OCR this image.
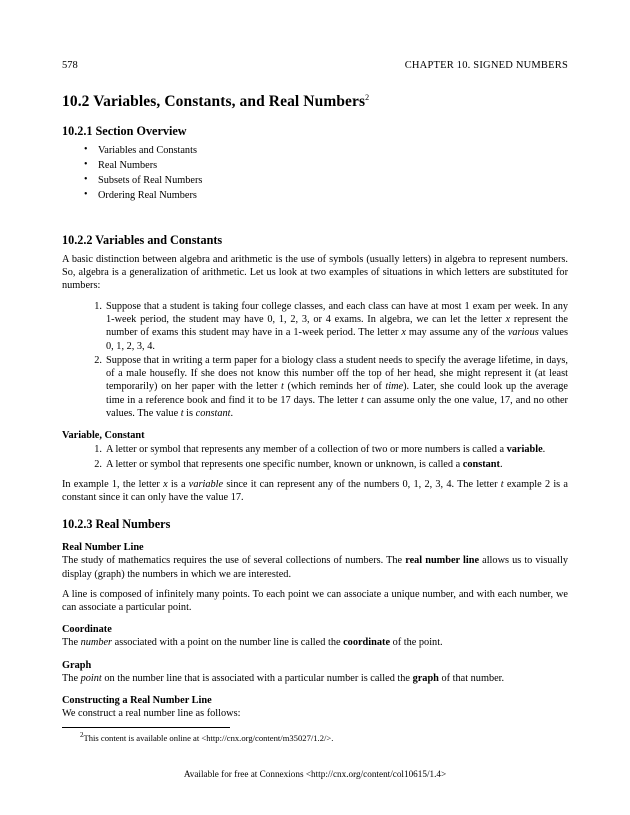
578	CHAPTER 10. SIGNED NUMBERS
10.2 Variables, Constants, and Real Numbers$^2$
10.2.1 Section Overview
• Variables and Constants
• Real Numbers
• Subsets of Real Numbers
• Ordering Real Numbers
10.2.2 Variables and Constants

A basic distinction between algebra and arithmetic is the use of symbols (usually letters) in algebra to represent numbers. So, algebra is a generalization of arithmetic. Let us look at two examples of situations in which letters are substituted for numbers:

Suppose that a student is taking four college classes, and each class can have at most 1 exam per week. In any 1-week period, the student may have 0, 1, 2, 3, or 4 exams. In algebra, we can let the letter x represent the number of exams this student may have in a 1-week period. The letter x may assume any of the various values 0, 1, 2, 3, 4.
Suppose that in writing a term paper for a biology class a student needs to specify the average lifetime, in days, of a male housefly. If she does not know this number off the top of her head, she might represent it (at least temporarily) on her paper with the letter t (which reminds her of time). Later, she could look up the average time in a reference book and find it to be 17 days. The letter t can assume only the one value, 17, and no other values. The value t is constant.
Variable, Constant
A letter or symbol that represents any member of a collection of two or more numbers is called a variable.
A letter or symbol that represents one specific number, known or unknown, is called a constant.

In example 1, the letter x is a variable since it can represent any of the numbers 0, 1, 2, 3, 4. The letter t example 2 is a constant since it can only have the value 17.

10.2.3 Real Numbers
Real Number Line

The study of mathematics requires the use of several collections of numbers. The real number line allows us to visually display (graph) the numbers in which we are interested.

A line is composed of infinitely many points. To each point we can associate a unique number, and with each number, we can associate a particular point.

Coordinate

The number associated with a point on the number line is called the coordinate of the point.

Graph

The point on the number line that is associated with a particular number is called the graph of that number.

Constructing a Real Number Line

We construct a real number line as follows:

$^2$This content is available online at <http://cnx.org/content/m35027/1.2/>.

Available for free at Connexions <http://cnx.org/content/col10615/1.4>
